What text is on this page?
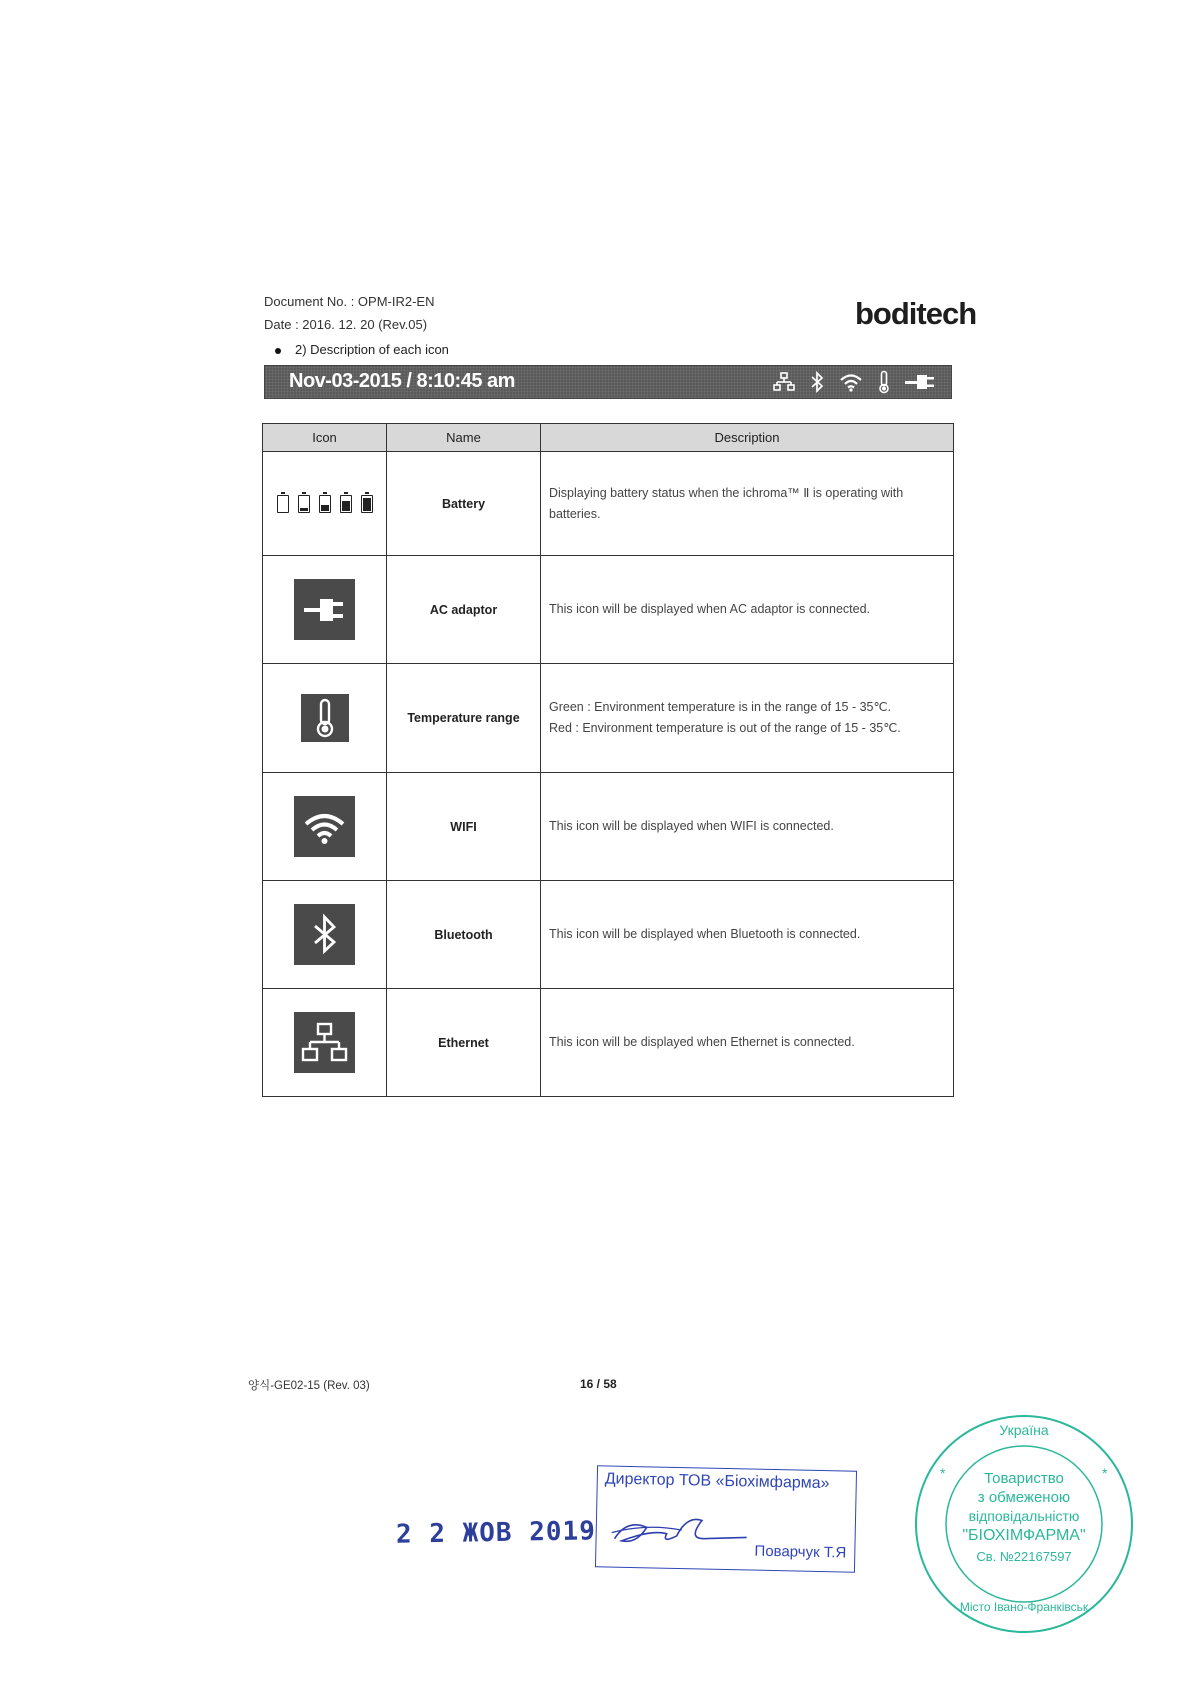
Document No. : OPM-IR2-EN
Date : 2016. 12. 20 (Rev.05)	boditech
2) Description of each icon
Nov-03-2015 / 8:10:45 am
Icon	Name	Description

	Battery	Displaying battery status when the ichroma™ Ⅱ is operating with batteries.

	AC adaptor	This icon will be displayed when AC adaptor is connected.

	Temperature range	Green : Environment temperature is in the range of 15 - 35℃.
Red : Environment temperature is out of the range of 15 - 35℃.

	WIFI	This icon will be displayed when WIFI is connected.

	Bluetooth	This icon will be displayed when Bluetooth is connected.

	Ethernet	This icon will be displayed when Ethernet is connected.
양식-GE02-15 (Rev. 03)	16 / 58
2 2 ЖОВ 2019
Директор ТОВ «Біохімфарма»
Поварчук Т.Я
*	*
Україна
Товариство
з обмеженою
відповідальністю
"БІОХІМФАРМА"
Св. №22167597
Місто Івано-Франківськ
